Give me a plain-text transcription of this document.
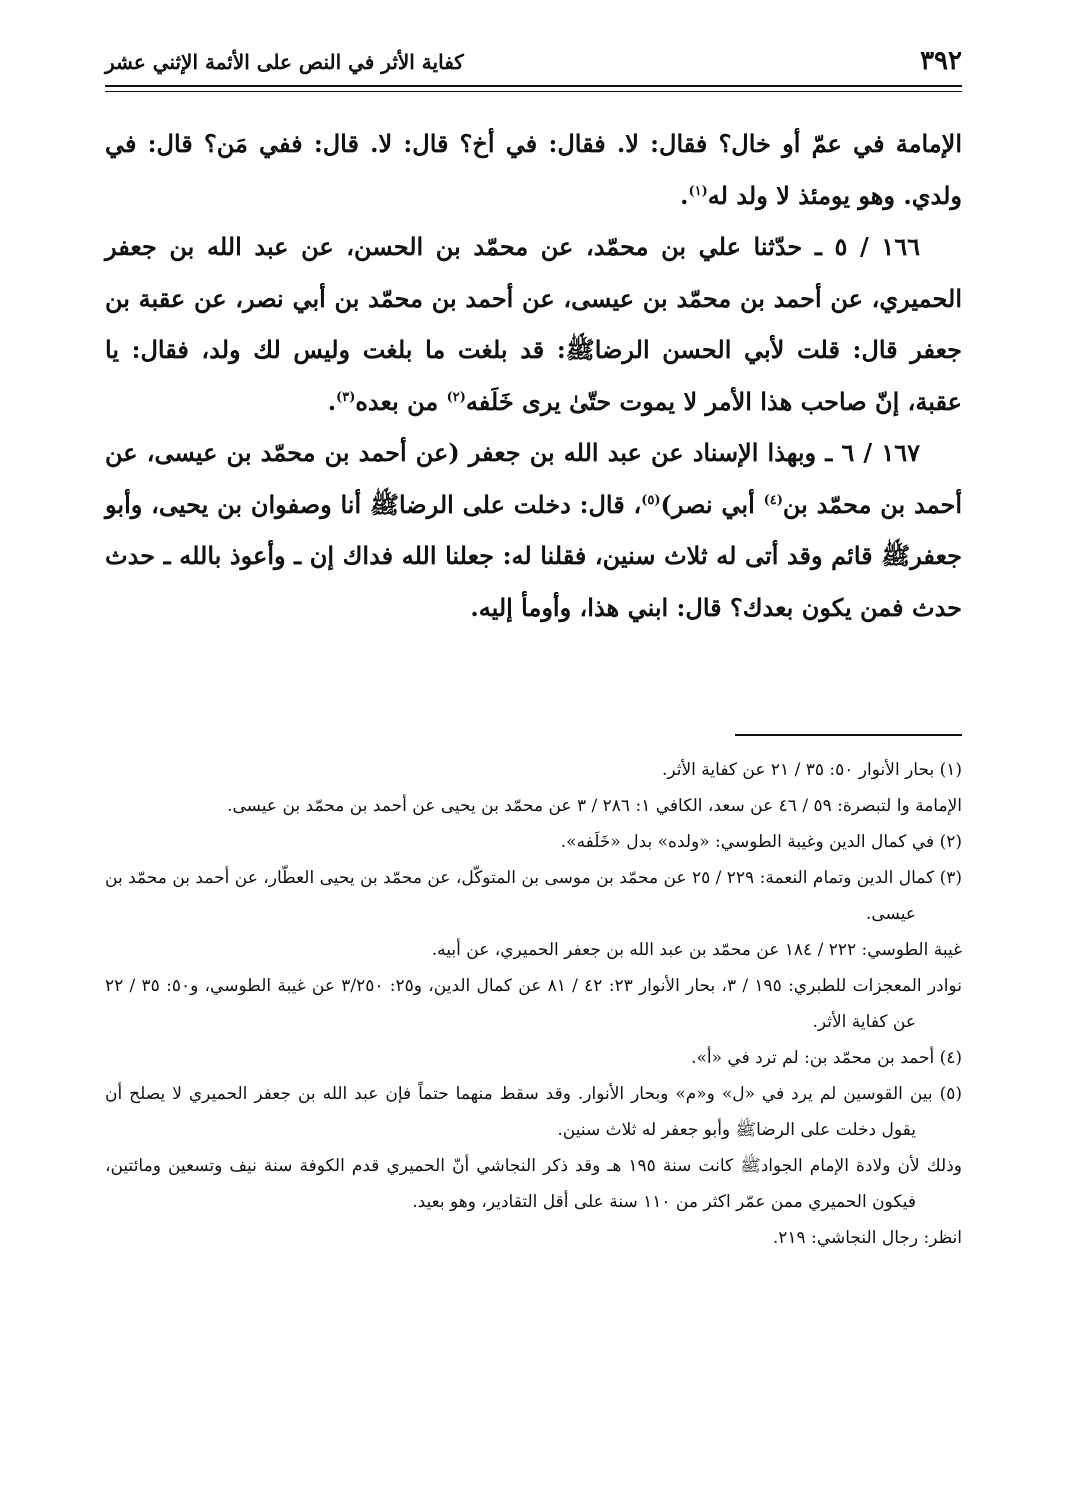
٣٩٢
كفاية الأثر في النص على الأئمة الإثني عشر

الإمامة في عمّ أو خال؟ فقال: لا. فقال: في أخ؟ قال: لا. قال: ففي مَن؟ قال: في ولدي. وهو يومئذ لا ولد له$^{(١)}$.

١٦٦ / ٥ ـ حدّثنا علي بن محمّد، عن محمّد بن الحسن، عن عبد الله بن جعفر الحميري، عن أحمد بن محمّد بن عيسى، عن أحمد بن محمّد بن أبي نصر، عن عقبة بن جعفر قال: قلت لأبي الحسن الرضاﷺ: قد بلغت ما بلغت وليس لك ولد، فقال: يا عقبة، إنّ صاحب هذا الأمر لا يموت حتّىٰ يرى خَلَفه$^{(٢)}$ من بعده$^{(٣)}$.

١٦٧ / ٦ ـ وبهذا الإسناد عن عبد الله بن جعفر (عن أحمد بن محمّد بن عيسى، عن أحمد بن محمّد بن$^{(٤)}$ أبي نصر)$^{(٥)}$، قال: دخلت على الرضاﷺ أنا وصفوان بن يحيى، وأبو جعفرﷺ قائم وقد أتى له ثلاث سنين، فقلنا له: جعلنا الله فداك إن ـ وأعوذ بالله ـ حدث حدث فمن يكون بعدك؟ قال: ابني هذا، وأومأ إليه.

(١) بحار الأنوار ٥٠: ٣٥ / ٢١ عن كفاية الأثر.

الإمامة وا لتبصرة: ٥٩ / ٤٦ عن سعد، الكافي ١: ٢٨٦ / ٣ عن محمّد بن يحيى عن أحمد بن محمّد بن عيسى.

(٢) في كمال الدين وغيبة الطوسي: «ولده» بدل «خَلَفه».

(٣) كمال الدين وتمام النعمة: ٢٢٩ / ٢٥ عن محمّد بن موسى بن المتوكّل، عن محمّد بن يحيى العطّار، عن أحمد بن محمّد بن عيسى.

غيبة الطوسي: ٢٢٢ / ١٨٤ عن محمّد بن عبد الله بن جعفر الحميري، عن أبيه.

نوادر المعجزات للطبري: ١٩٥ / ٣، بحار الأنوار ٢٣: ٤٢ / ٨١ عن كمال الدين، و٢٥: ٣/٢٥٠ عن غيبة الطوسي، و٥٠: ٣٥ / ٢٢ عن كفاية الأثر.

(٤) أحمد بن محمّد بن: لم ترد في «أ».

(٥) بين القوسين لم يرد في «ل» و«م» وبحار الأنوار. وقد سقط منهما حتماً فإن عبد الله بن جعفر الحميري لا يصلح أن يقول دخلت على الرضاﷺ وأبو جعفر له ثلاث سنين.

وذلك لأن ولادة الإمام الجوادﷺ كانت سنة ١٩٥ هـ وقد ذكر النجاشي أنّ الحميري قدم الكوفة سنة نيف وتسعين ومائتين، فيكون الحميري ممن عمّر اكثر من ١١٠ سنة على أقل التقادير، وهو بعيد.

انظر: رجال النجاشي: ٢١٩.
